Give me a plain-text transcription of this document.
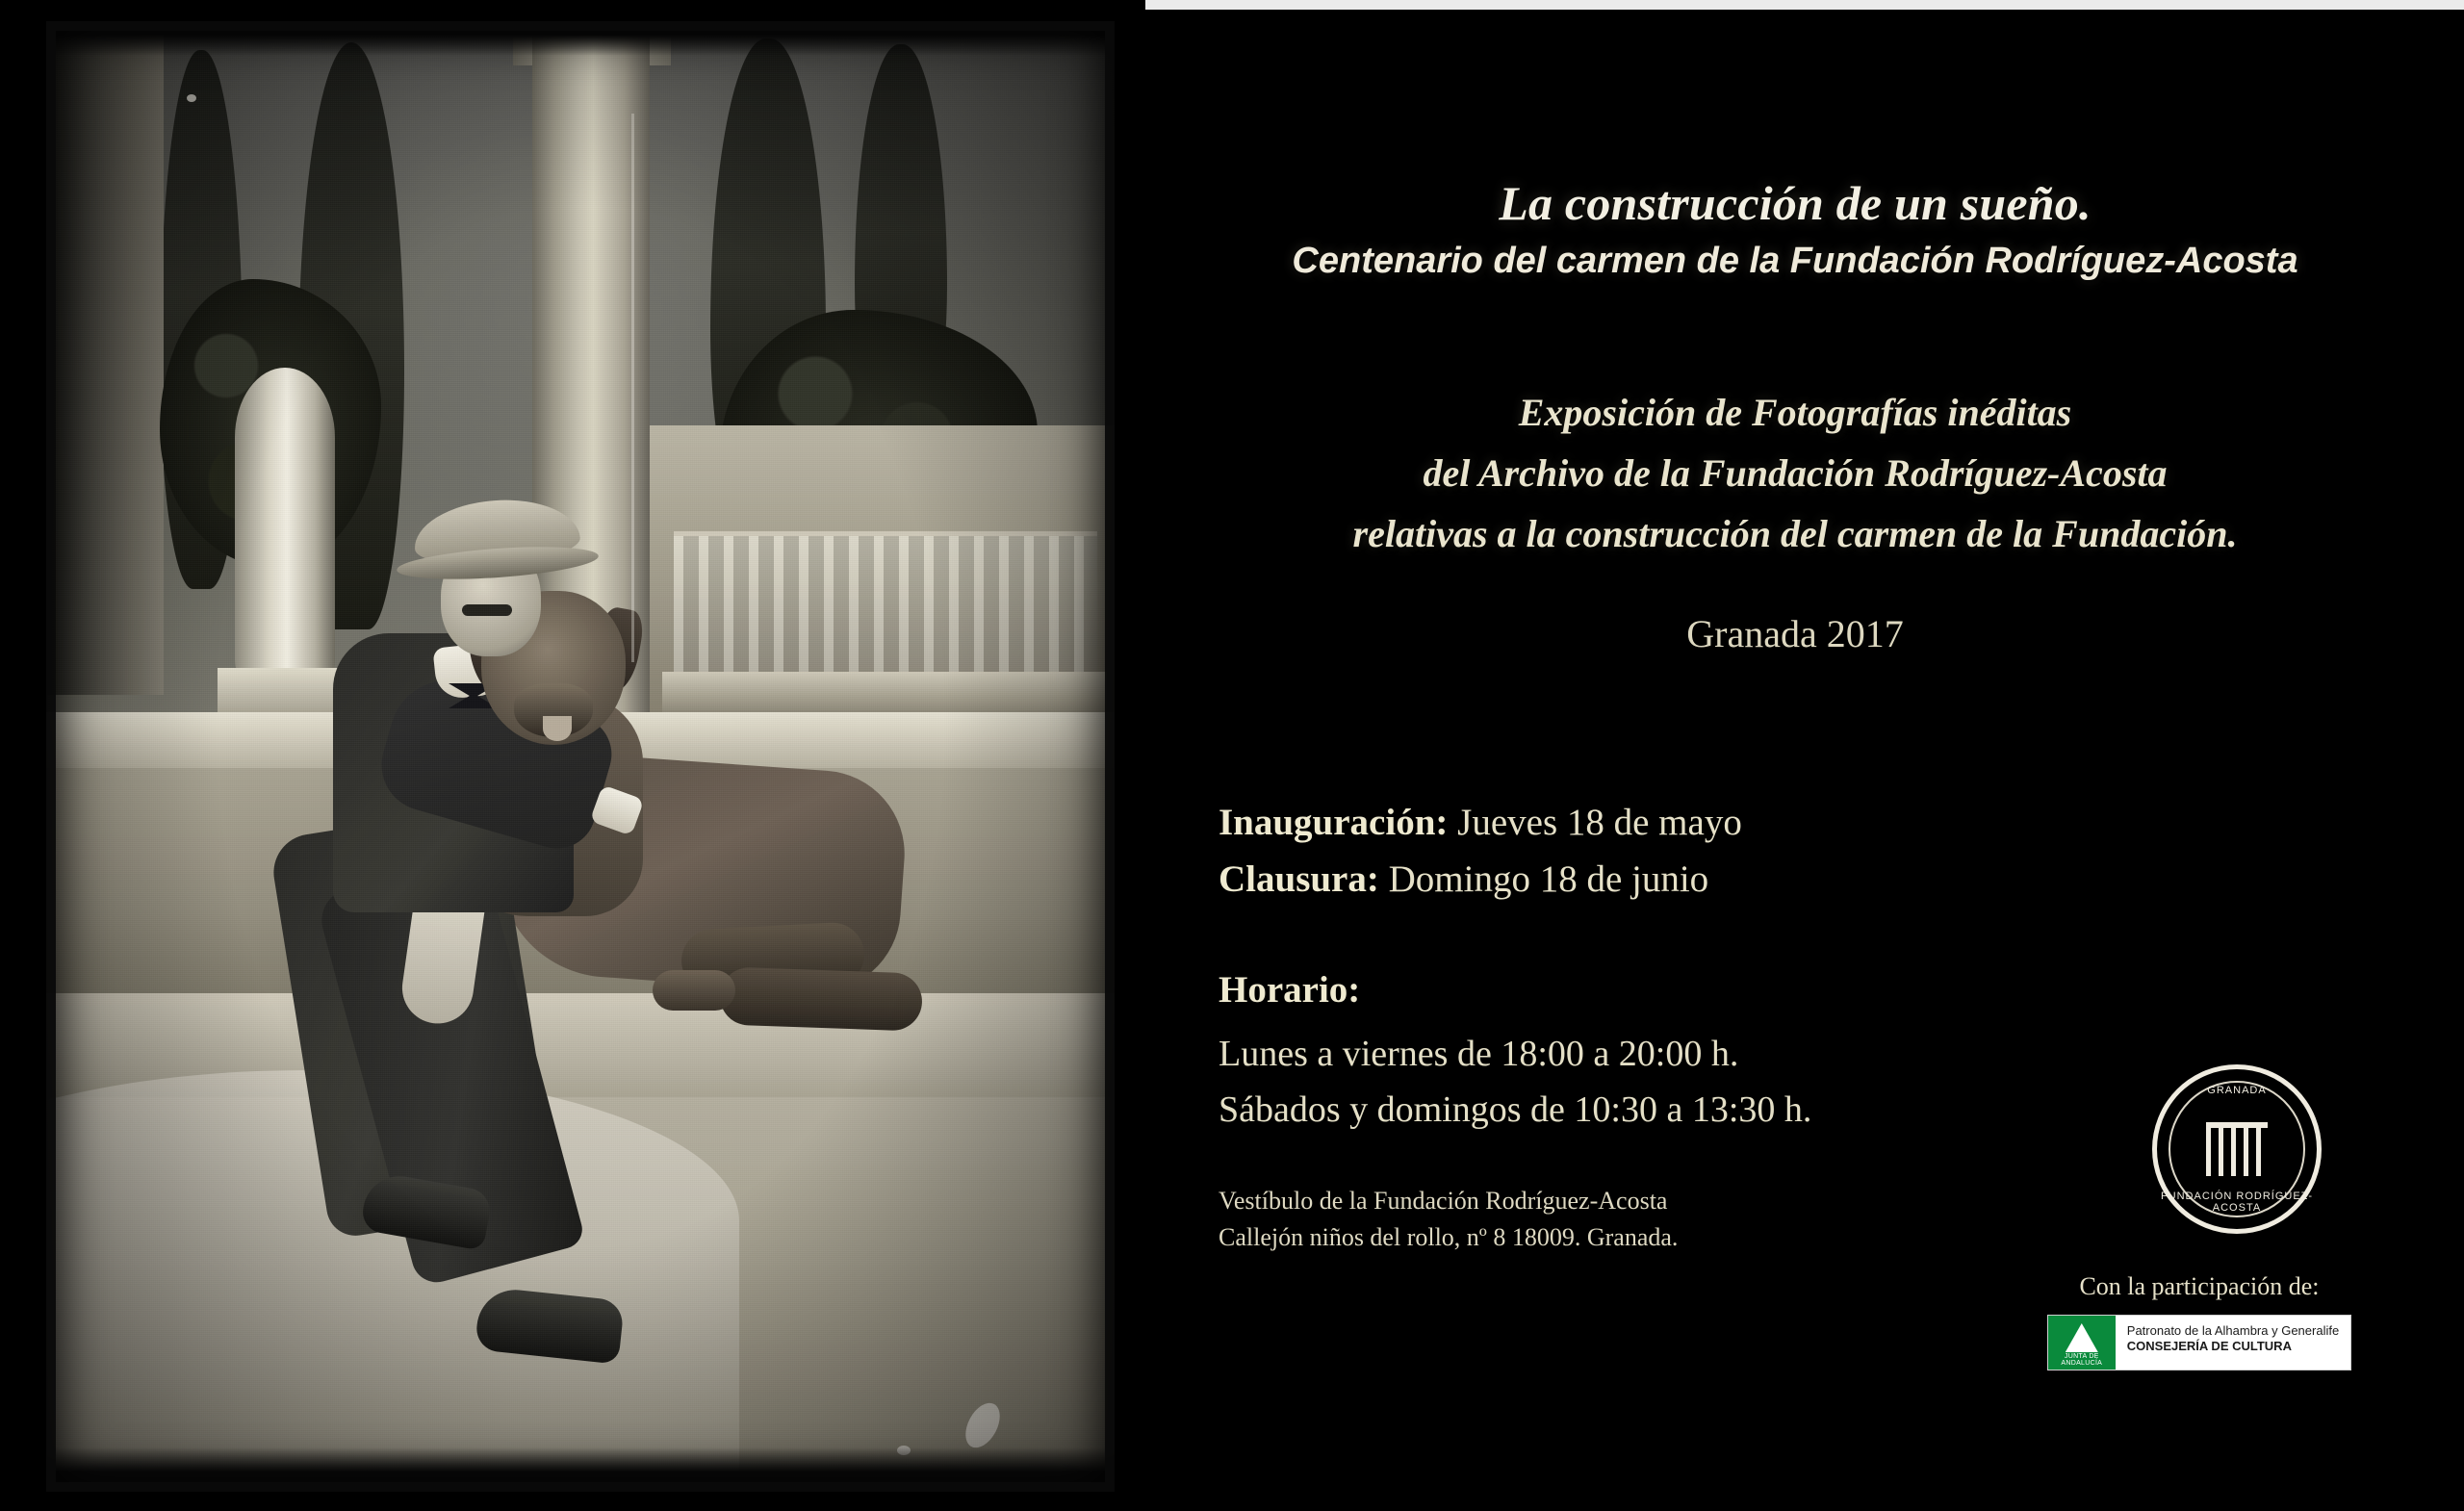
La construcción de un sueño.
Centenario del carmen de la Fundación Rodríguez-Acosta

Exposición de Fotografías inéditas

del Archivo de la Fundación Rodríguez-Acosta

relativas a la construcción del carmen de la Fundación.

Granada 2017
Inauguración: Jueves 18 de mayo
Clausura: Domingo 18 de junio
Horario:
Lunes a viernes de 18:00 a 20:00 h.
Sábados y domingos de 10:30 a 13:30 h.
Vestíbulo de la Fundación Rodríguez-Acosta
Callejón niños del rollo, nº 8 18009. Granada.
GRANADA
FUNDACIÓN RODRÍGUEZ-ACOSTA
Con la participación de:
JUNTA DE ANDALUCÍA
Patronato de la Alhambra y Generalife
CONSEJERÍA DE CULTURA
